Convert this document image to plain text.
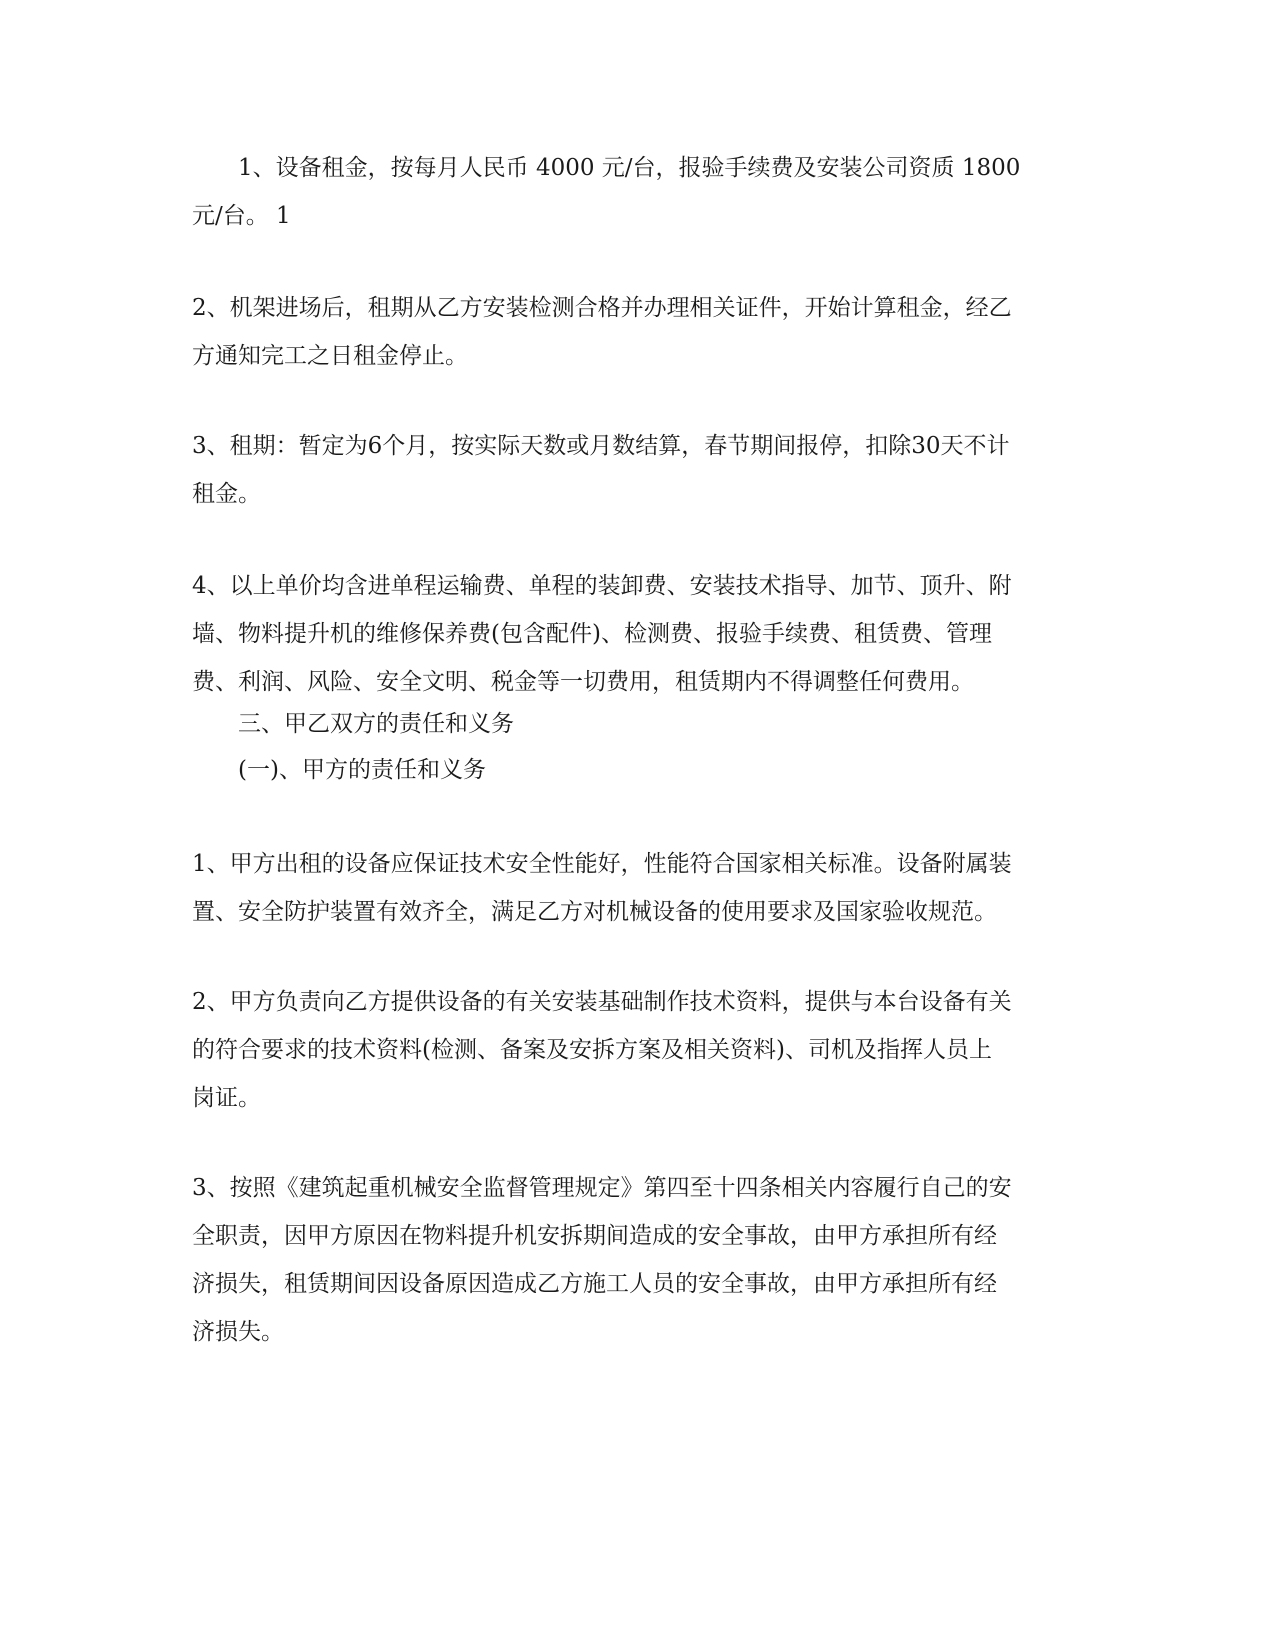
1、设备租金，按每月人民币 4000 元/台，报验手续费及安装公司资质 1800
元/台。 1
2、机架进场后，租期从乙方安装检测合格并办理相关证件，开始计算租金，经乙
方通知完工之日租金停止。
3、租期：暂定为6个月，按实际天数或月数结算，春节期间报停，扣除30天不计
租金。
4、以上单价均含进单程运输费、单程的装卸费、安装技术指导、加节、顶升、附
墙、物料提升机的维修保养费(包含配件)、检测费、报验手续费、租赁费、管理
费、利润、风险、安全文明、税金等一切费用，租赁期内不得调整任何费用。
三、甲乙双方的责任和义务
(一)、甲方的责任和义务
1、甲方出租的设备应保证技术安全性能好，性能符合国家相关标准。设备附属装
置、安全防护装置有效齐全，满足乙方对机械设备的使用要求及国家验收规范。
2、甲方负责向乙方提供设备的有关安装基础制作技术资料，提供与本台设备有关
的符合要求的技术资料(检测、备案及安拆方案及相关资料)、司机及指挥人员上
岗证。
3、按照《建筑起重机械安全监督管理规定》第四至十四条相关内容履行自己的安
全职责，因甲方原因在物料提升机安拆期间造成的安全事故，由甲方承担所有经
济损失，租赁期间因设备原因造成乙方施工人员的安全事故，由甲方承担所有经
济损失。
